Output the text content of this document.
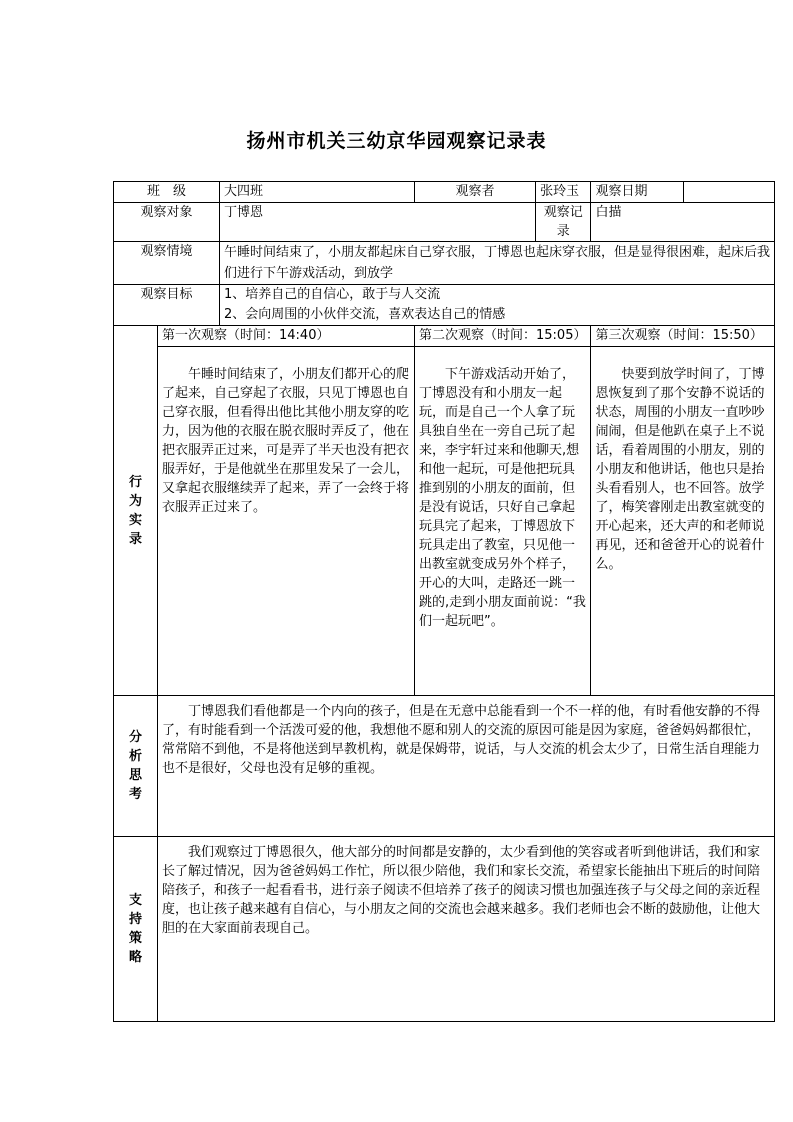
扬州市机关三幼京华园观察记录表
班　级		大四班	观察者	张玲玉	观察日期	
观察对象		丁博恩		观察记录	白描	
观察情境		午睡时间结束了，小朋友都起床自己穿衣服，丁博恩也起床穿衣服，但是显得很困难，起床后我们进行下午游戏活动，到放学				
观察目标		1、培养自己的自信心，敢于与人交流
2、会向周围的小伙伴交流，喜欢表达自己的情感				

行
为
实
录	第一次观察（时间：14:40）		第二次观察（时间：15:05）		第三次观察（时间：15:50）	
	午睡时间结束了，小朋友们都开心的爬了起来，自己穿起了衣服，只见丁博恩也自己穿衣服，但看得出他比其他小朋友穿的吃力，因为他的衣服在脱衣服时弄反了，他在把衣服弄正过来，可是弄了半天也没有把衣服弄好，于是他就坐在那里发呆了一会儿，又拿起衣服继续弄了起来，弄了一会终于将衣服弄正过来了。		下午游戏活动开始了，丁博恩没有和小朋友一起玩，而是自己一个人拿了玩具独自坐在一旁自己玩了起来，李宇轩过来和他聊天,想和他一起玩，可是他把玩具推到别的小朋友的面前，但是没有说话，只好自己拿起玩具完了起来，丁博恩放下玩具走出了教室，只见他一出教室就变成另外个样子，开心的大叫，走路还一跳一跳的,走到小朋友面前说：“我们一起玩吧”。		快要到放学时间了，丁博恩恢复到了那个安静不说话的状态，周围的小朋友一直吵吵闹闹，但是他趴在桌子上不说话，看着周围的小朋友，别的小朋友和他讲话，他也只是抬头看看别人，也不回答。放学了，梅笑睿刚走出教室就变的开心起来，还大声的和老师说再见，还和爸爸开心的说着什么。	

分
析
思
考	丁博恩我们看他都是一个内向的孩子，但是在无意中总能看到一个不一样的他，有时看他安静的不得了，有时能看到一个活泼可爱的他，我想他不愿和别人的交流的原因可能是因为家庭，爸爸妈妈都很忙，常常陪不到他，不是将他送到早教机构，就是保姆带，说话，与人交流的机会太少了，日常生活自理能力也不是很好，父母也没有足够的重视。					

支
持
策
略	我们观察过丁博恩很久，他大部分的时间都是安静的，太少看到他的笑容或者听到他讲话，我们和家长了解过情况，因为爸爸妈妈工作忙，所以很少陪他，我们和家长交流，希望家长能抽出下班后的时间陪陪孩子，和孩子一起看看书，进行亲子阅读不但培养了孩子的阅读习惯也加强连孩子与父母之间的亲近程度，也让孩子越来越有自信心，与小朋友之间的交流也会越来越多。我们老师也会不断的鼓励他，让他大胆的在大家面前表现自己。					
